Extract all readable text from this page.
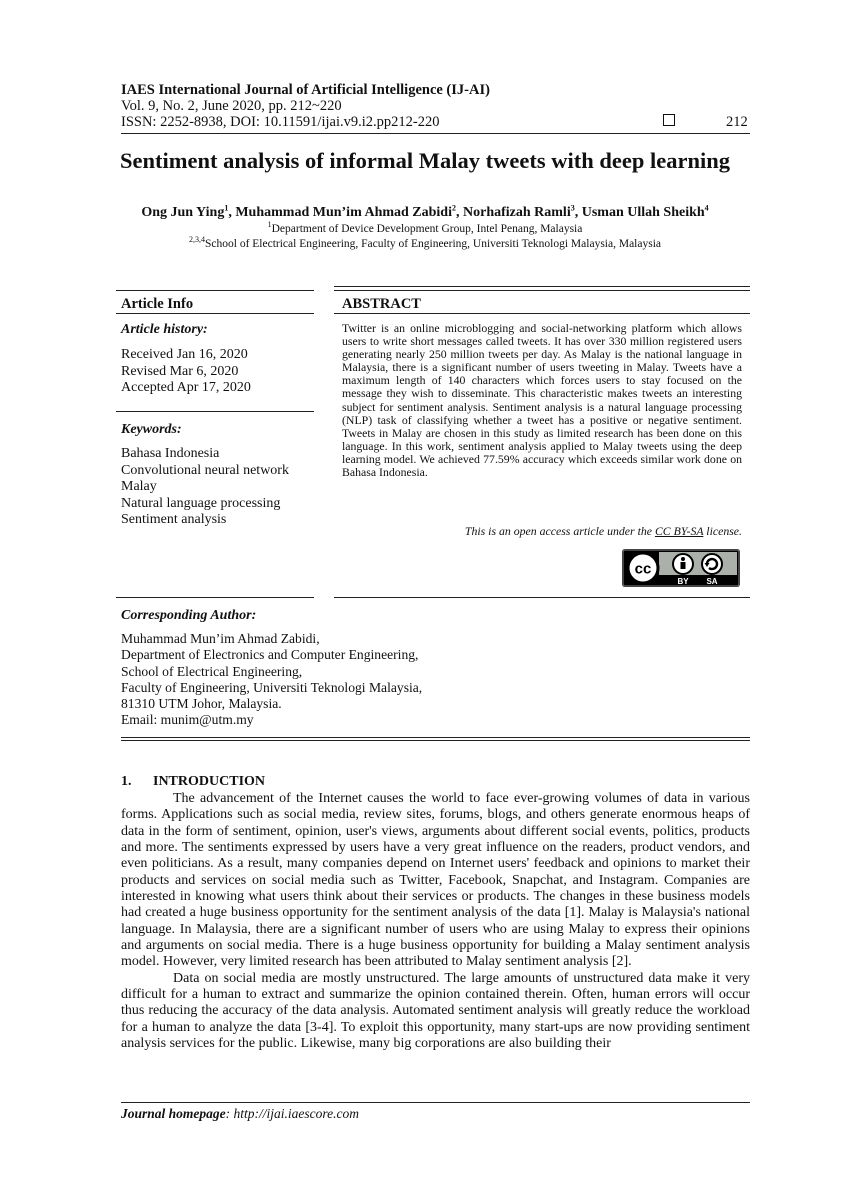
IAES International Journal of Artificial Intelligence (IJ-AI)
Vol. 9, No. 2, June 2020, pp. 212~220
ISSN: 2252-8938, DOI: 10.11591/ijai.v9.i2.pp212-220	212
Sentiment analysis of informal Malay tweets with deep learning
Ong Jun Ying$^1$, Muhammad Mun’im Ahmad Zabidi$^2$, Norhafizah Ramli$^3$, Usman Ullah Sheikh$^4$
$^1$Department of Device Development Group, Intel Penang, Malaysia
$^{2,3,4}$School of Electrical Engineering, Faculty of Engineering, Universiti Teknologi Malaysia, Malaysia
Article Info
Article history:
Received Jan 16, 2020
Revised Mar 6, 2020
Accepted Apr 17, 2020
Keywords:
Bahasa Indonesia
Convolutional neural network
Malay
Natural language processing
Sentiment analysis
ABSTRACT
Twitter is an online microblogging and social-networking platform which allows users to write short messages called tweets. It has over 330 million registered users generating nearly 250 million tweets per day. As Malay is the national language in Malaysia, there is a significant number of users tweeting in Malay. Tweets have a maximum length of 140 characters which forces users to stay focused on the message they wish to disseminate. This characteristic makes tweets an interesting subject for sentiment analysis. Sentiment analysis is a natural language processing (NLP) task of classifying whether a tweet has a positive or negative sentiment. Tweets in Malay are chosen in this study as limited research has been done on this language. In this work, sentiment analysis applied to Malay tweets using the deep learning model. We achieved 77.59% accuracy which exceeds similar work done on Bahasa Indonesia.
This is an open access article under the CC BY-SA license.
cc
BY SA
Corresponding Author:
Muhammad Mun’im Ahmad Zabidi,
Department of Electronics and Computer Engineering,
School of Electrical Engineering,
Faculty of Engineering, Universiti Teknologi Malaysia,
81310 UTM Johor, Malaysia.
Email: munim@utm.my
1. INTRODUCTION

The advancement of the Internet causes the world to face ever-growing volumes of data in various forms. Applications such as social media, review sites, forums, blogs, and others generate enormous heaps of data in the form of sentiment, opinion, user's views, arguments about different social events, politics, products and more. The sentiments expressed by users have a very great influence on the readers, product vendors, and even politicians. As a result, many companies depend on Internet users' feedback and opinions to market their products and services on social media such as Twitter, Facebook, Snapchat, and Instagram. Companies are interested in knowing what users think about their services or products. The changes in these business models had created a huge business opportunity for the sentiment analysis of the data [1]. Malay is Malaysia's national language. In Malaysia, there are a significant number of users who are using Malay to express their opinions and arguments on social media. There is a huge business opportunity for building a Malay sentiment analysis model. However, very limited research has been attributed to Malay sentiment analysis [2].

Data on social media are mostly unstructured. The large amounts of unstructured data make it very difficult for a human to extract and summarize the opinion contained therein. Often, human errors will occur thus reducing the accuracy of the data analysis. Automated sentiment analysis will greatly reduce the workload for a human to analyze the data [3-4]. To exploit this opportunity, many start-ups are now providing sentiment analysis services for the public. Likewise, many big corporations are also building their

Journal homepage: http://ijai.iaescore.com
